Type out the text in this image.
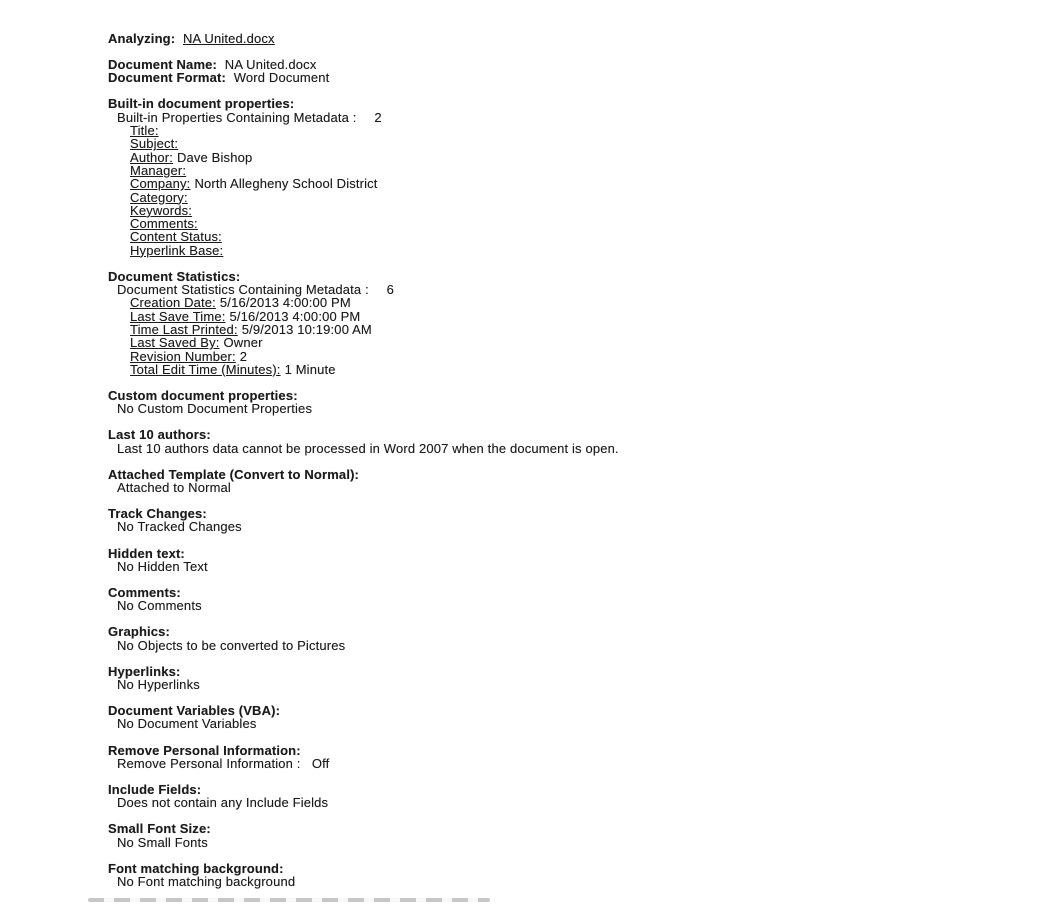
Analyzing: NA United.docx
Document Name: NA United.docx
Document Format: Word Document
Built-in document properties:
Built-in Properties Containing Metadata : 2
Title:
Subject:
Author: Dave Bishop
Manager:
Company: North Allegheny School District
Category:
Keywords:
Comments:
Content Status:
Hyperlink Base:
Document Statistics:
Document Statistics Containing Metadata : 6
Creation Date: 5/16/2013 4:00:00 PM
Last Save Time: 5/16/2013 4:00:00 PM
Time Last Printed: 5/9/2013 10:19:00 AM
Last Saved By: Owner
Revision Number: 2
Total Edit Time (Minutes): 1 Minute
Custom document properties:
No Custom Document Properties
Last 10 authors:
Last 10 authors data cannot be processed in Word 2007 when the document is open.
Attached Template (Convert to Normal):
Attached to Normal
Track Changes:
No Tracked Changes
Hidden text:
No Hidden Text
Comments:
No Comments
Graphics:
No Objects to be converted to Pictures
Hyperlinks:
No Hyperlinks
Document Variables (VBA):
No Document Variables
Remove Personal Information:
Remove Personal Information :   Off
Include Fields:
Does not contain any Include Fields
Small Font Size:
No Small Fonts
Font matching background:
No Font matching background
